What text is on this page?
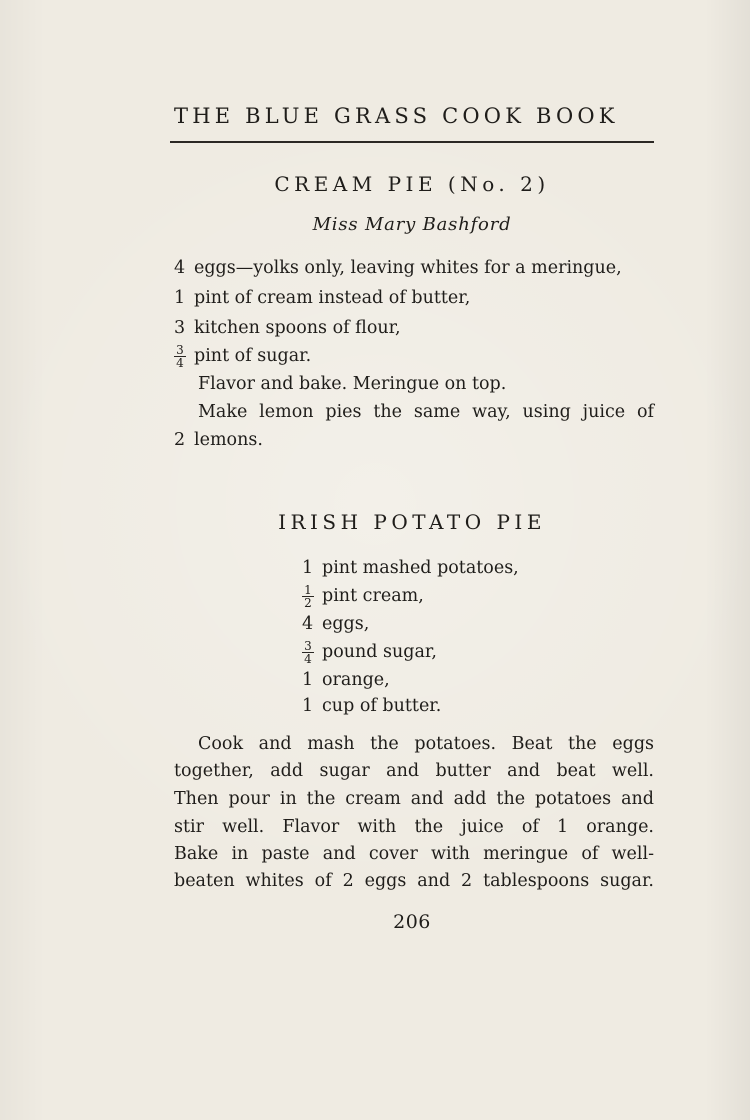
THE BLUE GRASS COOK BOOK
CREAM PIE (No. 2)
Miss Mary Bashford
4 eggs—yolks only, leaving whites for a meringue,
1 pint of cream instead of butter,
3 kitchen spoons of flour,
$\frac{3}{4}$ pint of sugar.
Flavor and bake. Meringue on top.
Make lemon pies the same way, using juice of
2 lemons.
IRISH POTATO PIE
1 pint mashed potatoes,
$\frac{1}{2}$ pint cream,
4 eggs,
$\frac{3}{4}$ pound sugar,
1 orange,
1 cup of butter.
Cook and mash the potatoes. Beat the eggs
together, add sugar and butter and beat well.
Then pour in the cream and add the potatoes and
stir well. Flavor with the juice of 1 orange.
Bake in paste and cover with meringue of well-
beaten whites of 2 eggs and 2 tablespoons sugar.
206
